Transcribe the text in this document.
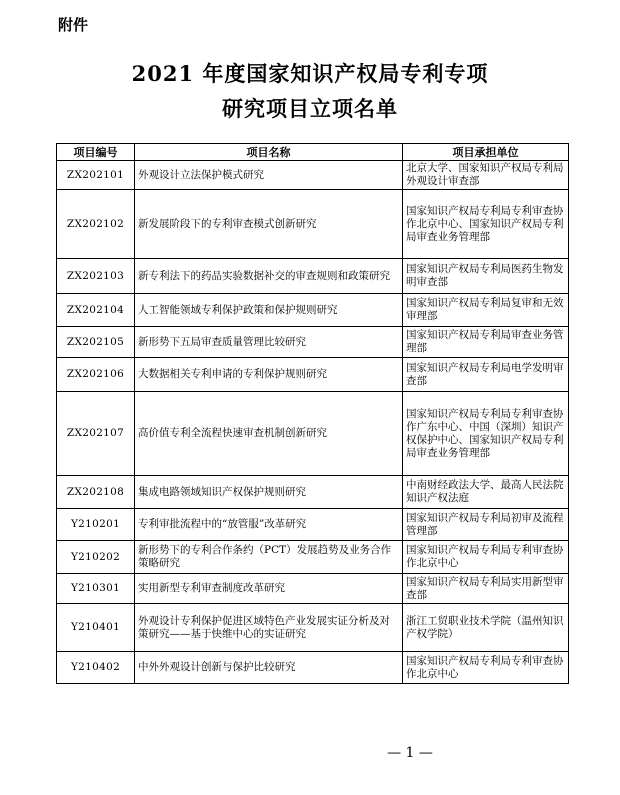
附件
2021 年度国家知识产权局专利专项
研究项目立项名单
项目编号	项目名称	项目承担单位
ZX202101	外观设计立法保护模式研究	北京大学、国家知识产权局专利局外观设计审查部
ZX202102	新发展阶段下的专利审查模式创新研究	国家知识产权局专利局专利审查协作北京中心、国家知识产权局专利局审查业务管理部
ZX202103	新专利法下的药品实验数据补交的审查规则和政策研究	国家知识产权局专利局医药生物发明审查部
ZX202104	人工智能领域专利保护政策和保护规则研究	国家知识产权局专利局复审和无效审理部
ZX202105	新形势下五局审查质量管理比较研究	国家知识产权局专利局审查业务管理部
ZX202106	大数据相关专利申请的专利保护规则研究	国家知识产权局专利局电学发明审查部
ZX202107	高价值专利全流程快速审查机制创新研究	国家知识产权局专利局专利审查协作广东中心、中国（深圳）知识产权保护中心、国家知识产权局专利局审查业务管理部
ZX202108	集成电路领域知识产权保护规则研究	中南财经政法大学、最高人民法院知识产权法庭
Y210201	专利审批流程中的“放管服”改革研究	国家知识产权局专利局初审及流程管理部
Y210202	新形势下的专利合作条约（PCT）发展趋势及业务合作策略研究	国家知识产权局专利局专利审查协作北京中心
Y210301	实用新型专利审查制度改革研究	国家知识产权局专利局实用新型审查部
Y210401	外观设计专利保护促进区域特色产业发展实证分析及对策研究——基于快维中心的实证研究	浙江工贸职业技术学院（温州知识产权学院）
Y210402	中外外观设计创新与保护比较研究	国家知识产权局专利局专利审查协作北京中心
— 1 —
